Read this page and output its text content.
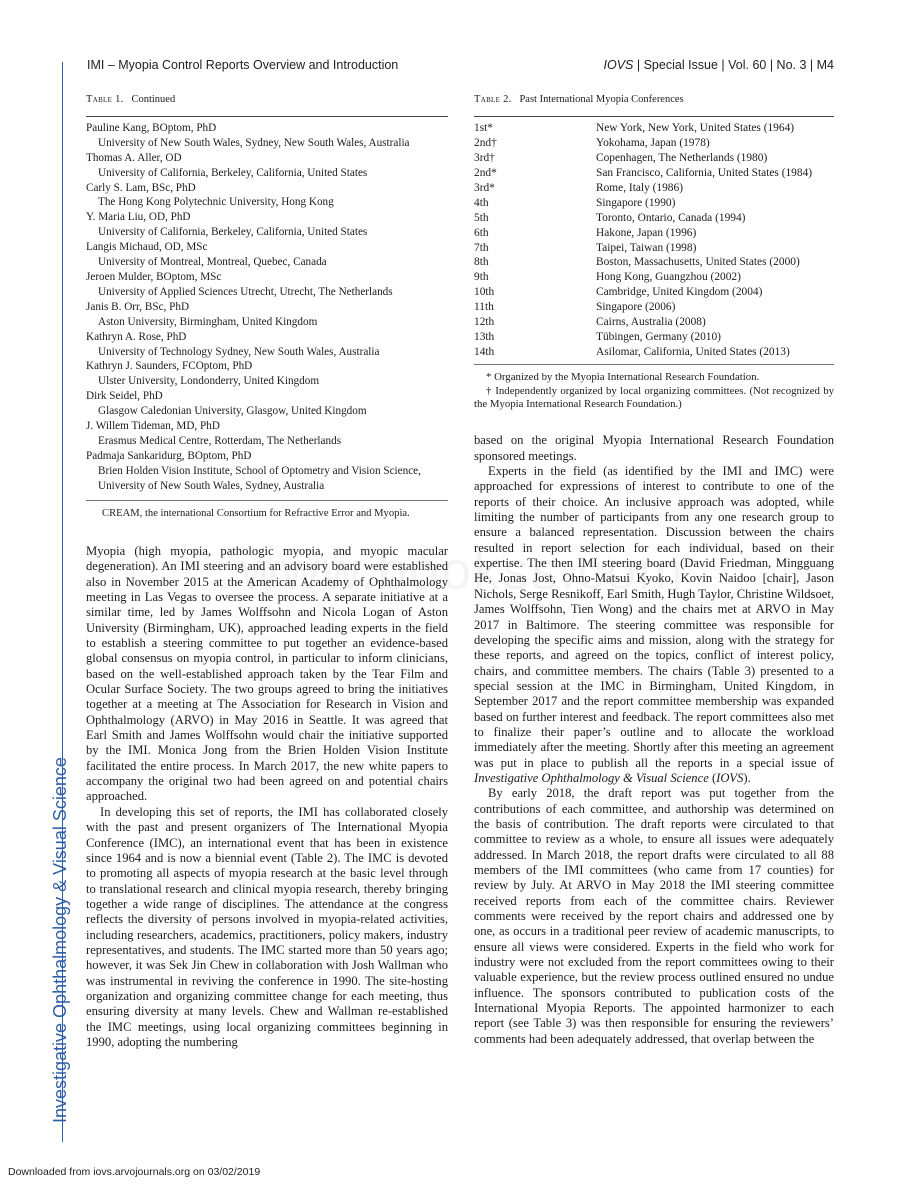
Investigative Ophthalmology & Visual Science
IMI – Myopia Control Reports Overview and Introduction	IOVS | Special Issue | Vol. 60 | No. 3 | M4
Table 1. Continued
Pauline Kang, BOptom, PhD
University of New South Wales, Sydney, New South Wales, Australia
Thomas A. Aller, OD
University of California, Berkeley, California, United States
Carly S. Lam, BSc, PhD
The Hong Kong Polytechnic University, Hong Kong
Y. Maria Liu, OD, PhD
University of California, Berkeley, California, United States
Langis Michaud, OD, MSc
University of Montreal, Montreal, Quebec, Canada
Jeroen Mulder, BOptom, MSc
University of Applied Sciences Utrecht, Utrecht, The Netherlands
Janis B. Orr, BSc, PhD
Aston University, Birmingham, United Kingdom
Kathryn A. Rose, PhD
University of Technology Sydney, New South Wales, Australia
Kathryn J. Saunders, FCOptom, PhD
Ulster University, Londonderry, United Kingdom
Dirk Seidel, PhD
Glasgow Caledonian University, Glasgow, United Kingdom
J. Willem Tideman, MD, PhD
Erasmus Medical Centre, Rotterdam, The Netherlands
Padmaja Sankaridurg, BOptom, PhD
Brien Holden Vision Institute, School of Optometry and Vision Science, University of New South Wales, Sydney, Australia
CREAM, the international Consortium for Refractive Error and Myopia.

Myopia (high myopia, pathologic myopia, and myopic macular degeneration). An IMI steering and an advisory board were established also in November 2015 at the American Academy of Ophthalmology meeting in Las Vegas to oversee the process. A separate initiative at a similar time, led by James Wolffsohn and Nicola Logan of Aston University (Birmingham, UK), approached leading experts in the field to establish a steering committee to put together an evidence-based global consensus on myopia control, in particular to inform clinicians, based on the well-established approach taken by the Tear Film and Ocular Surface Society. The two groups agreed to bring the initiatives together at a meeting at The Association for Research in Vision and Ophthalmology (ARVO) in May 2016 in Seattle. It was agreed that Earl Smith and James Wolffsohn would chair the initiative supported by the IMI. Monica Jong from the Brien Holden Vision Institute facilitated the entire process. In March 2017, the new white papers to accompany the original two had been agreed on and potential chairs approached.

In developing this set of reports, the IMI has collaborated closely with the past and present organizers of The International Myopia Conference (IMC), an international event that has been in existence since 1964 and is now a biennial event (Table 2). The IMC is devoted to promoting all aspects of myopia research at the basic level through to translational research and clinical myopia research, thereby bringing together a wide range of disciplines. The attendance at the congress reflects the diversity of persons involved in myopia-related activities, including researchers, academics, practitioners, policy makers, industry representatives, and students. The IMC started more than 50 years ago; however, it was Sek Jin Chew in collaboration with Josh Wallman who was instrumental in reviving the conference in 1990. The site-hosting organization and organizing committee change for each meeting, thus ensuring diversity at many levels. Chew and Wallman re-established the IMC meetings, using local organizing committees beginning in 1990, adopting the numbering

Table 2. Past International Myopia Conferences
1st*	New York, New York, United States (1964)
2nd†	Yokohama, Japan (1978)
3rd†	Copenhagen, The Netherlands (1980)
2nd*	San Francisco, California, United States (1984)
3rd*	Rome, Italy (1986)
4th	Singapore (1990)
5th	Toronto, Ontario, Canada (1994)
6th	Hakone, Japan (1996)
7th	Taipei, Taiwan (1998)
8th	Boston, Massachusetts, United States (2000)
9th	Hong Kong, Guangzhou (2002)
10th	Cambridge, United Kingdom (2004)
11th	Singapore (2006)
12th	Cairns, Australia (2008)
13th	Tübingen, Germany (2010)
14th	Asilomar, California, United States (2013)
* Organized by the Myopia International Research Foundation.
† Independently organized by local organizing committees. (Not recognized by the Myopia International Research Foundation.)

based on the original Myopia International Research Foundation sponsored meetings.

Experts in the field (as identified by the IMI and IMC) were approached for expressions of interest to contribute to one of the reports of their choice. An inclusive approach was adopted, while limiting the number of participants from any one research group to ensure a balanced representation. Discussion between the chairs resulted in report selection for each individual, based on their expertise. The then IMI steering board (David Friedman, Mingguang He, Jonas Jost, Ohno-Matsui Kyoko, Kovin Naidoo [chair], Jason Nichols, Serge Resnikoff, Earl Smith, Hugh Taylor, Christine Wildsoet, James Wolffsohn, Tien Wong) and the chairs met at ARVO in May 2017 in Baltimore. The steering committee was responsible for developing the specific aims and mission, along with the strategy for these reports, and agreed on the topics, conflict of interest policy, chairs, and committee members. The chairs (Table 3) presented to a special session at the IMC in Birmingham, United Kingdom, in September 2017 and the report committee membership was expanded based on further interest and feedback. The report committees also met to finalize their paper’s outline and to allocate the workload immediately after the meeting. Shortly after this meeting an agreement was put in place to publish all the reports in a special issue of Investigative Ophthalmology & Visual Science (IOVS).

By early 2018, the draft report was put together from the contributions of each committee, and authorship was determined on the basis of contribution. The draft reports were circulated to that committee to review as a whole, to ensure all issues were adequately addressed. In March 2018, the report drafts were circulated to all 88 members of the IMI committees (who came from 17 counties) for review by July. At ARVO in May 2018 the IMI steering committee received reports from each of the committee chairs. Reviewer comments were received by the report chairs and addressed one by one, as occurs in a traditional peer review of academic manuscripts, to ensure all views were considered. Experts in the field who work for industry were not excluded from the report committees owing to their valuable experience, but the review process outlined ensured no undue influence. The sponsors contributed to publication costs of the International Myopia Reports. The appointed harmonizer to each report (see Table 3) was then responsible for ensuring the reviewers’ comments had been adequately addressed, that overlap between the

Downloaded from iovs.arvojournals.org on 03/02/2019
